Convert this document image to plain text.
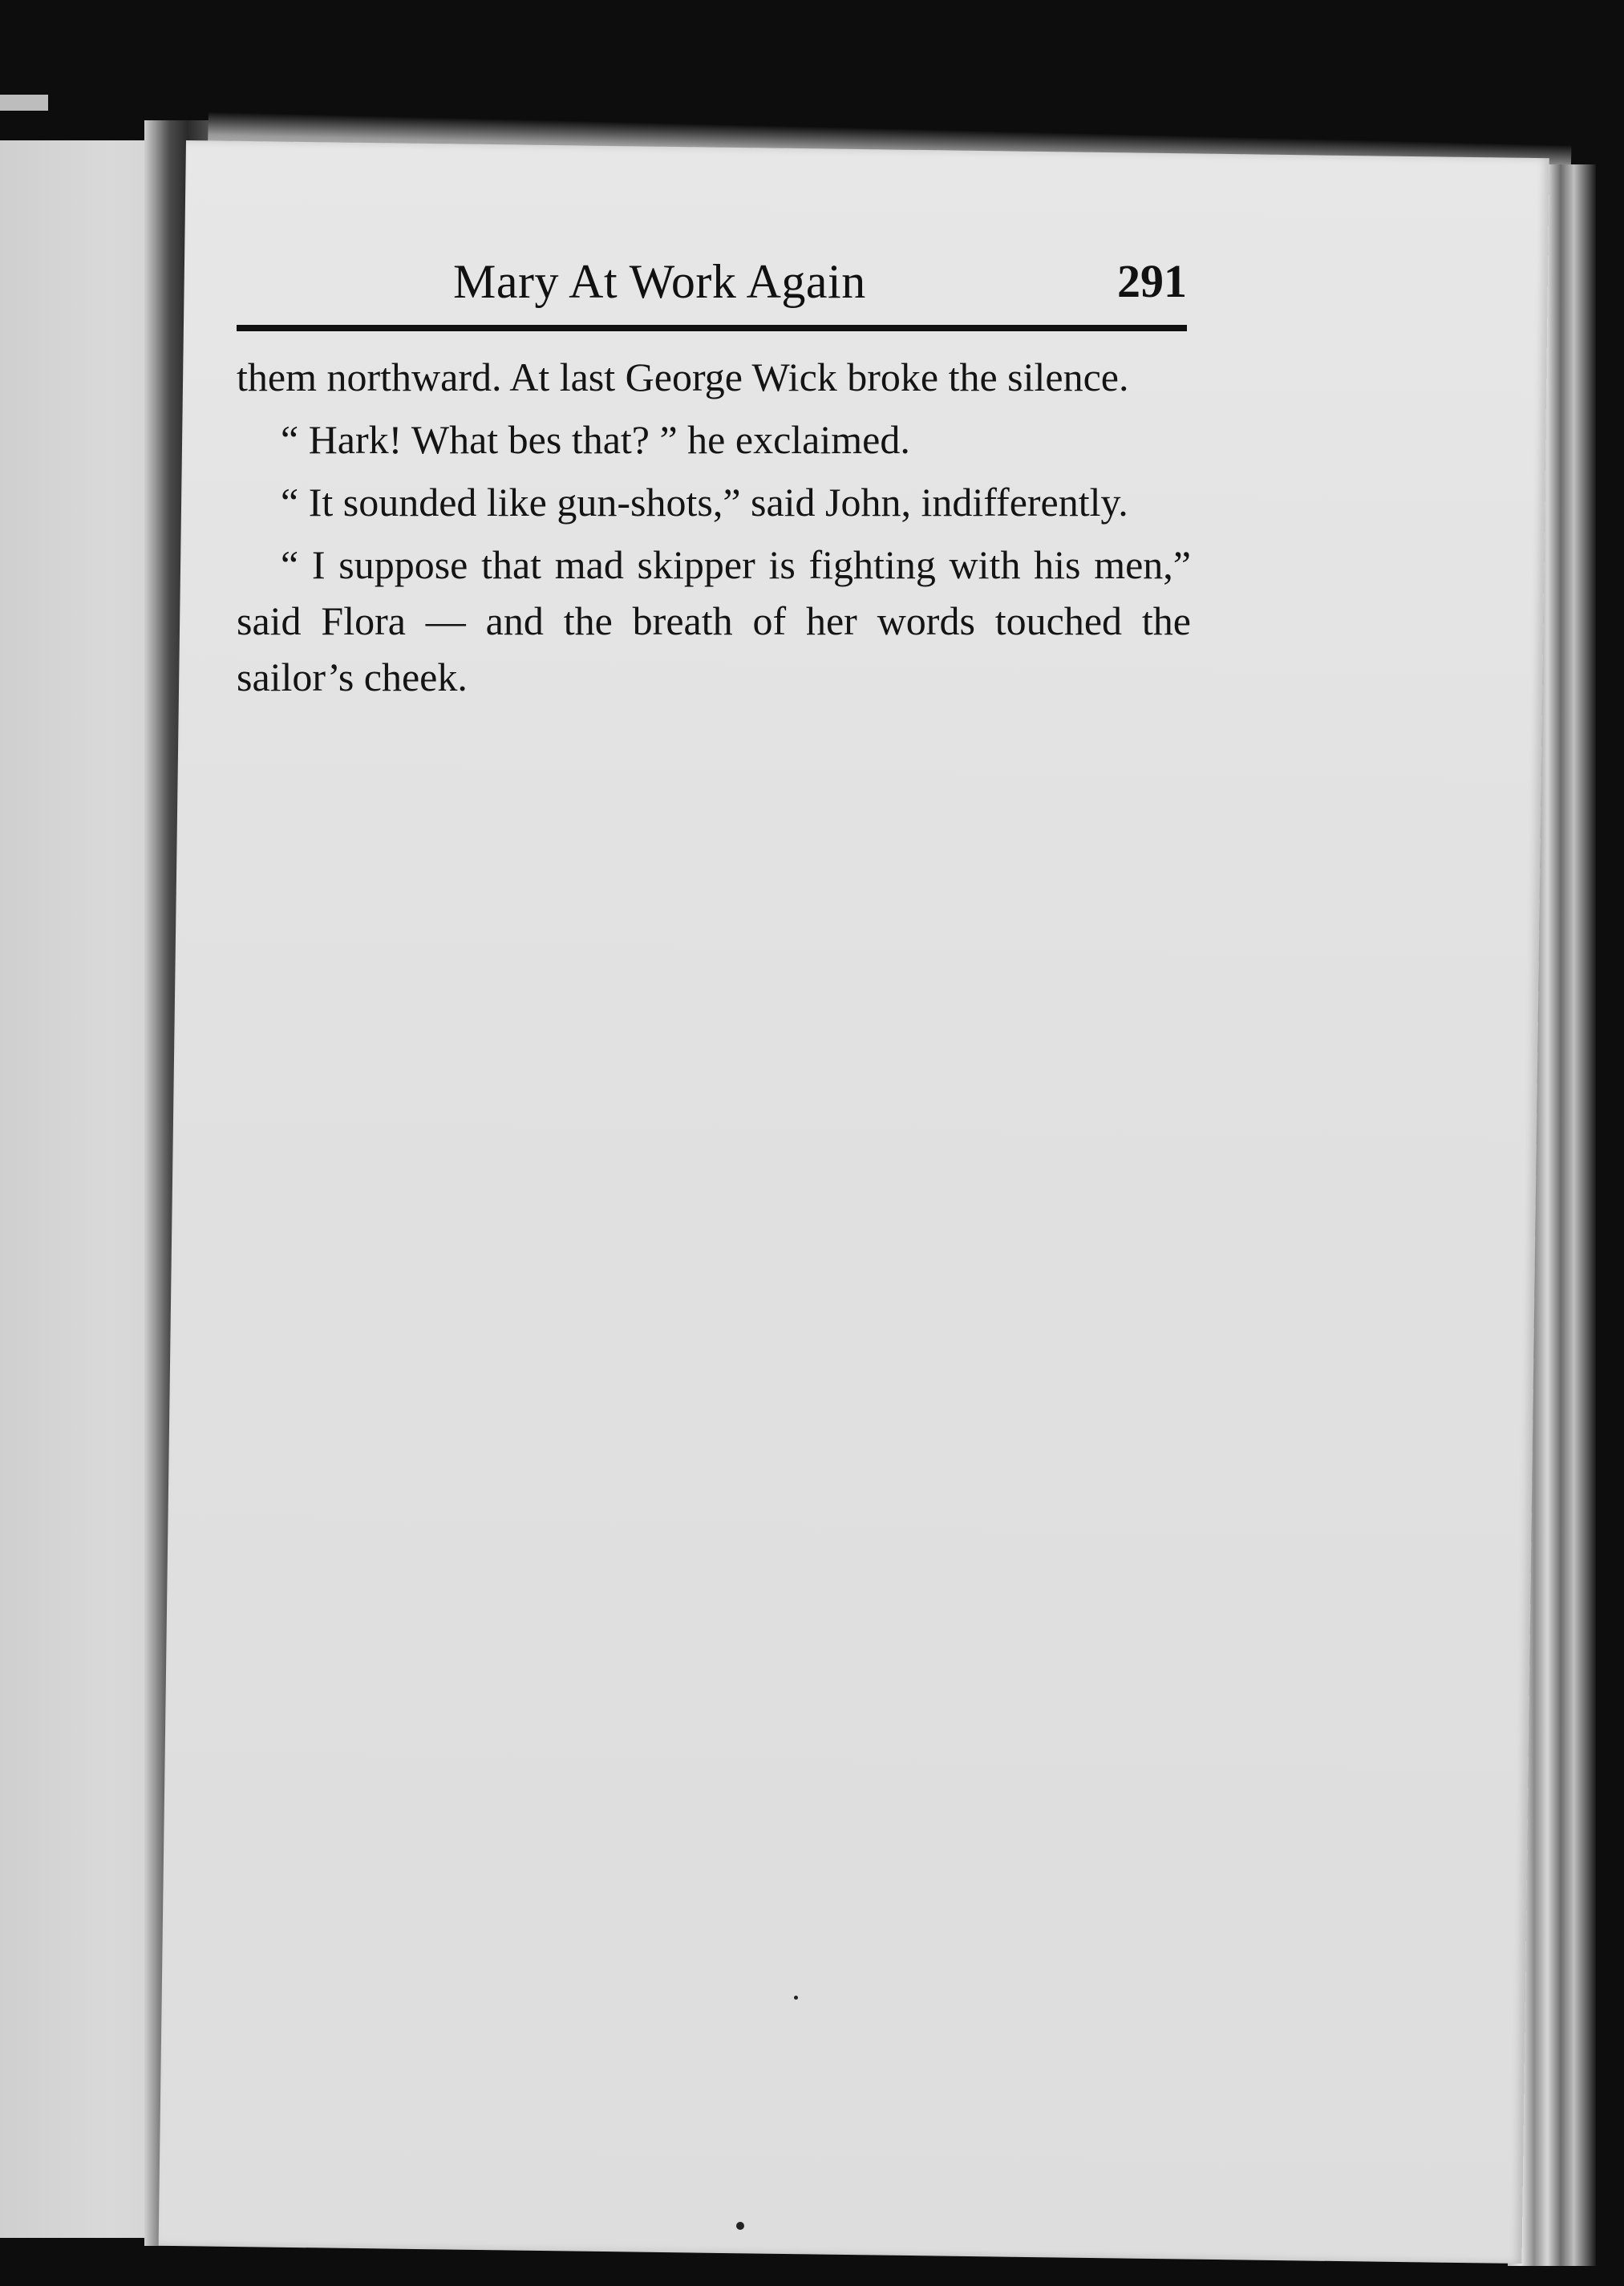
Mary At Work Again	291

them northward. At last George Wick broke the silence.

“ Hark! What bes that? ” he exclaimed.

“ It sounded like gun-shots,” said John, indifferently.

“ I suppose that mad skipper is fighting with his men,” said Flora — and the breath of her words touched the sailor’s cheek.
